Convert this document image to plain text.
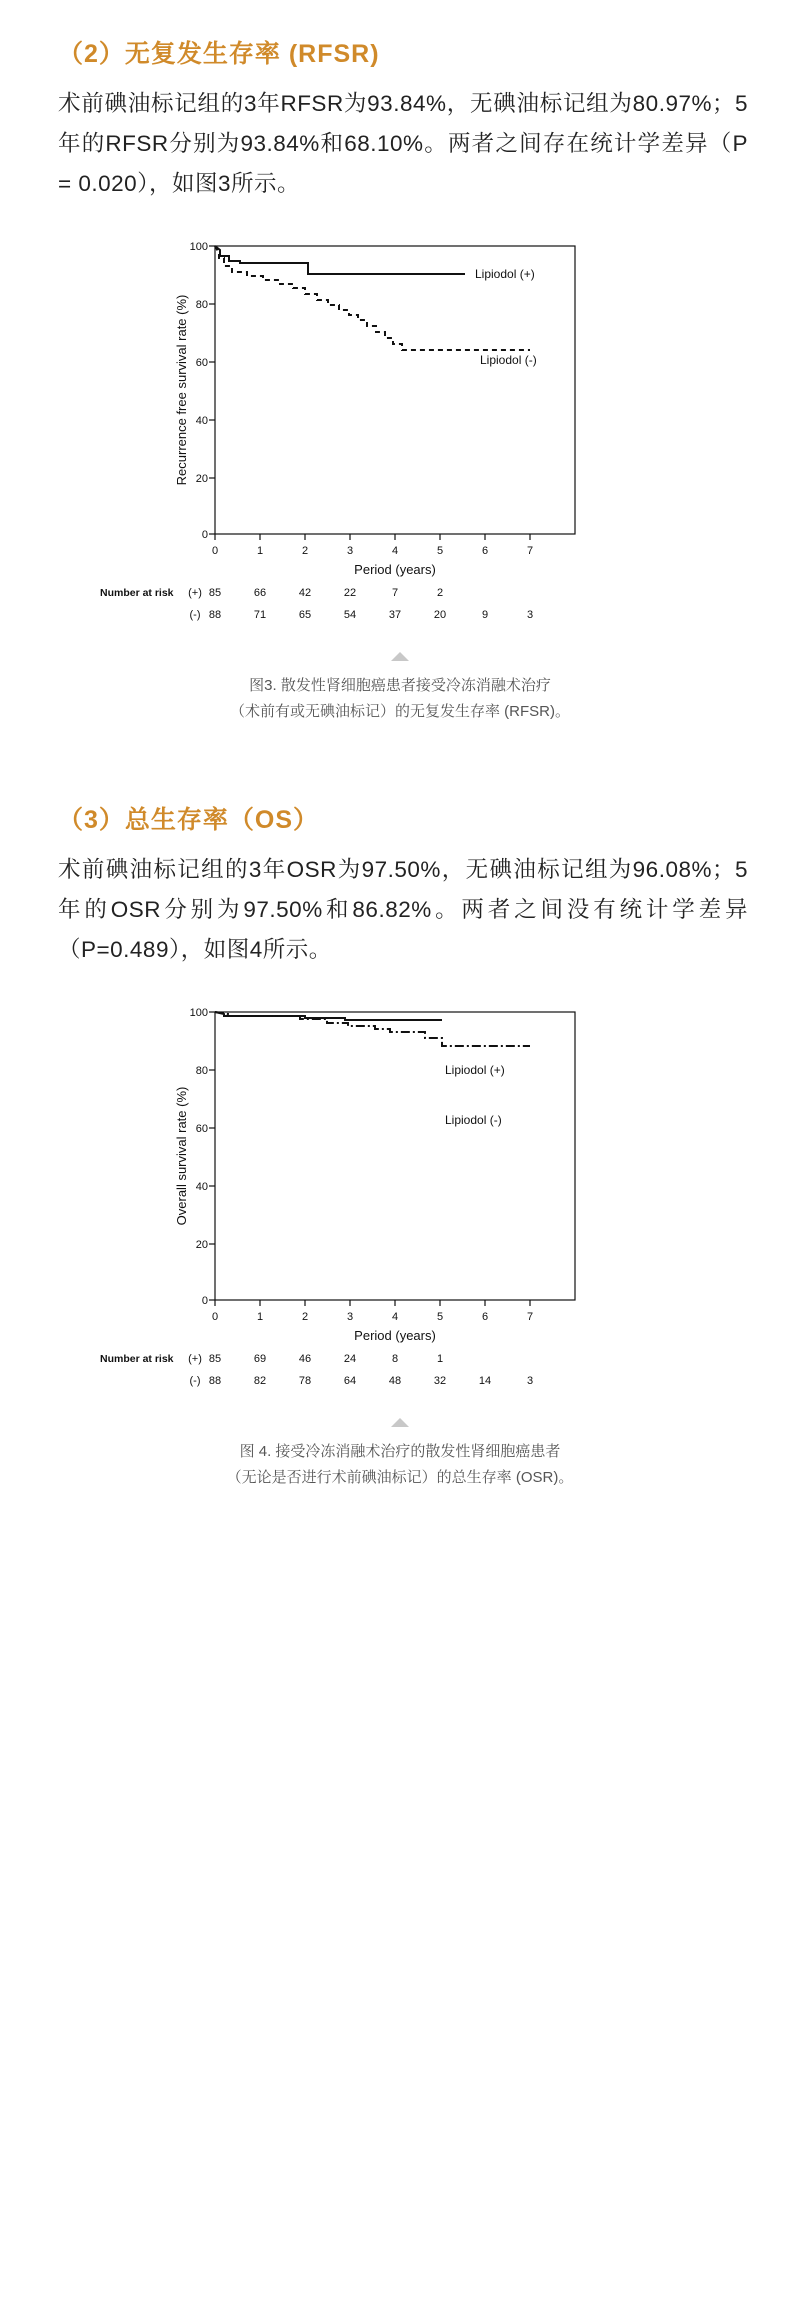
（2）无复发生存率 (RFSR)

术前碘油标记组的3年RFSR为93.84%，无碘油标记组为80.97%；5年的RFSR分别为93.84%和68.10%。两者之间存在统计学差异（P = 0.020），如图3所示。

100
80
60
40
20
0
0	1	2	3	4	5	6	7
Period (years)
Recurrence free survival rate (%)
Lipiodol (+)
Lipiodol (-)
Number at risk (+) 85	66	42	22	7	2
(-) 88	71	65	54	37	20	9	3
图3. 散发性肾细胞癌患者接受冷冻消融术治疗
（术前有或无碘油标记）的无复发生存率 (RFSR)。
（3）总生存率（OS）

术前碘油标记组的3年OSR为97.50%，无碘油标记组为96.08%；5年的OSR分别为97.50%和86.82%。两者之间没有统计学差异 （P=0.489），如图4所示。

100
80
60
40
20
0
0	1	2	3	4	5	6	7
Period (years)
Overall survival rate (%)
Lipiodol (+)
Lipiodol (-)
Number at risk (+) 85	69	46	24	8	1
(-) 88	82	78	64	48	32	14	3
图 4. 接受冷冻消融术治疗的散发性肾细胞癌患者
（无论是否进行术前碘油标记）的总生存率 (OSR)。
